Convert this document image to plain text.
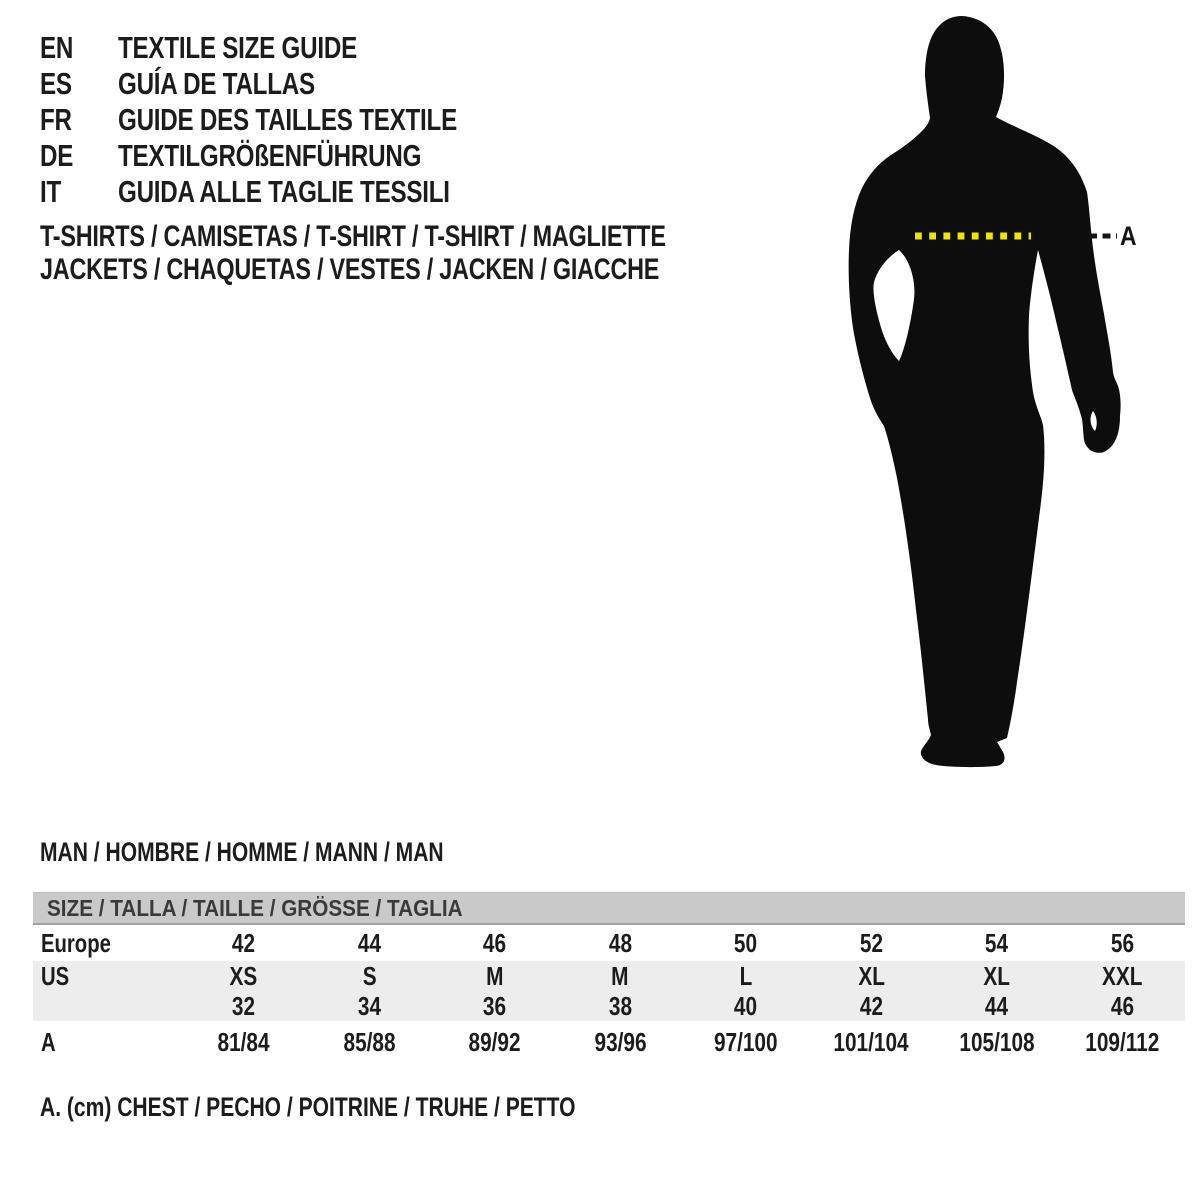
A
EN	TEXTILE SIZE GUIDE
ES	GUÍA DE TALLAS
FR	GUIDE DES TAILLES TEXTILE
DE	TEXTILGRÖßENFÜHRUNG
IT	GUIDA ALLE TAGLIE TESSILI
T-SHIRTS / CAMISETAS / T-SHIRT / T-SHIRT / MAGLIETTE
JACKETS / CHAQUETAS / VESTES / JACKEN / GIACCHE
MAN / HOMBRE / HOMME / MANN / MAN
SIZE / TALLA / TAILLE / GRÖSSE / TAGLIA
Europe	42	44	46	48	50	52	54	56
US	XS	S	M	M	L	XL	XL	XXL
32	34	36	38	40	42	44	46
A	81/84	85/88	89/92	93/96	97/100	101/104	105/108	109/112
A. (cm) CHEST / PECHO / POITRINE / TRUHE / PETTO
